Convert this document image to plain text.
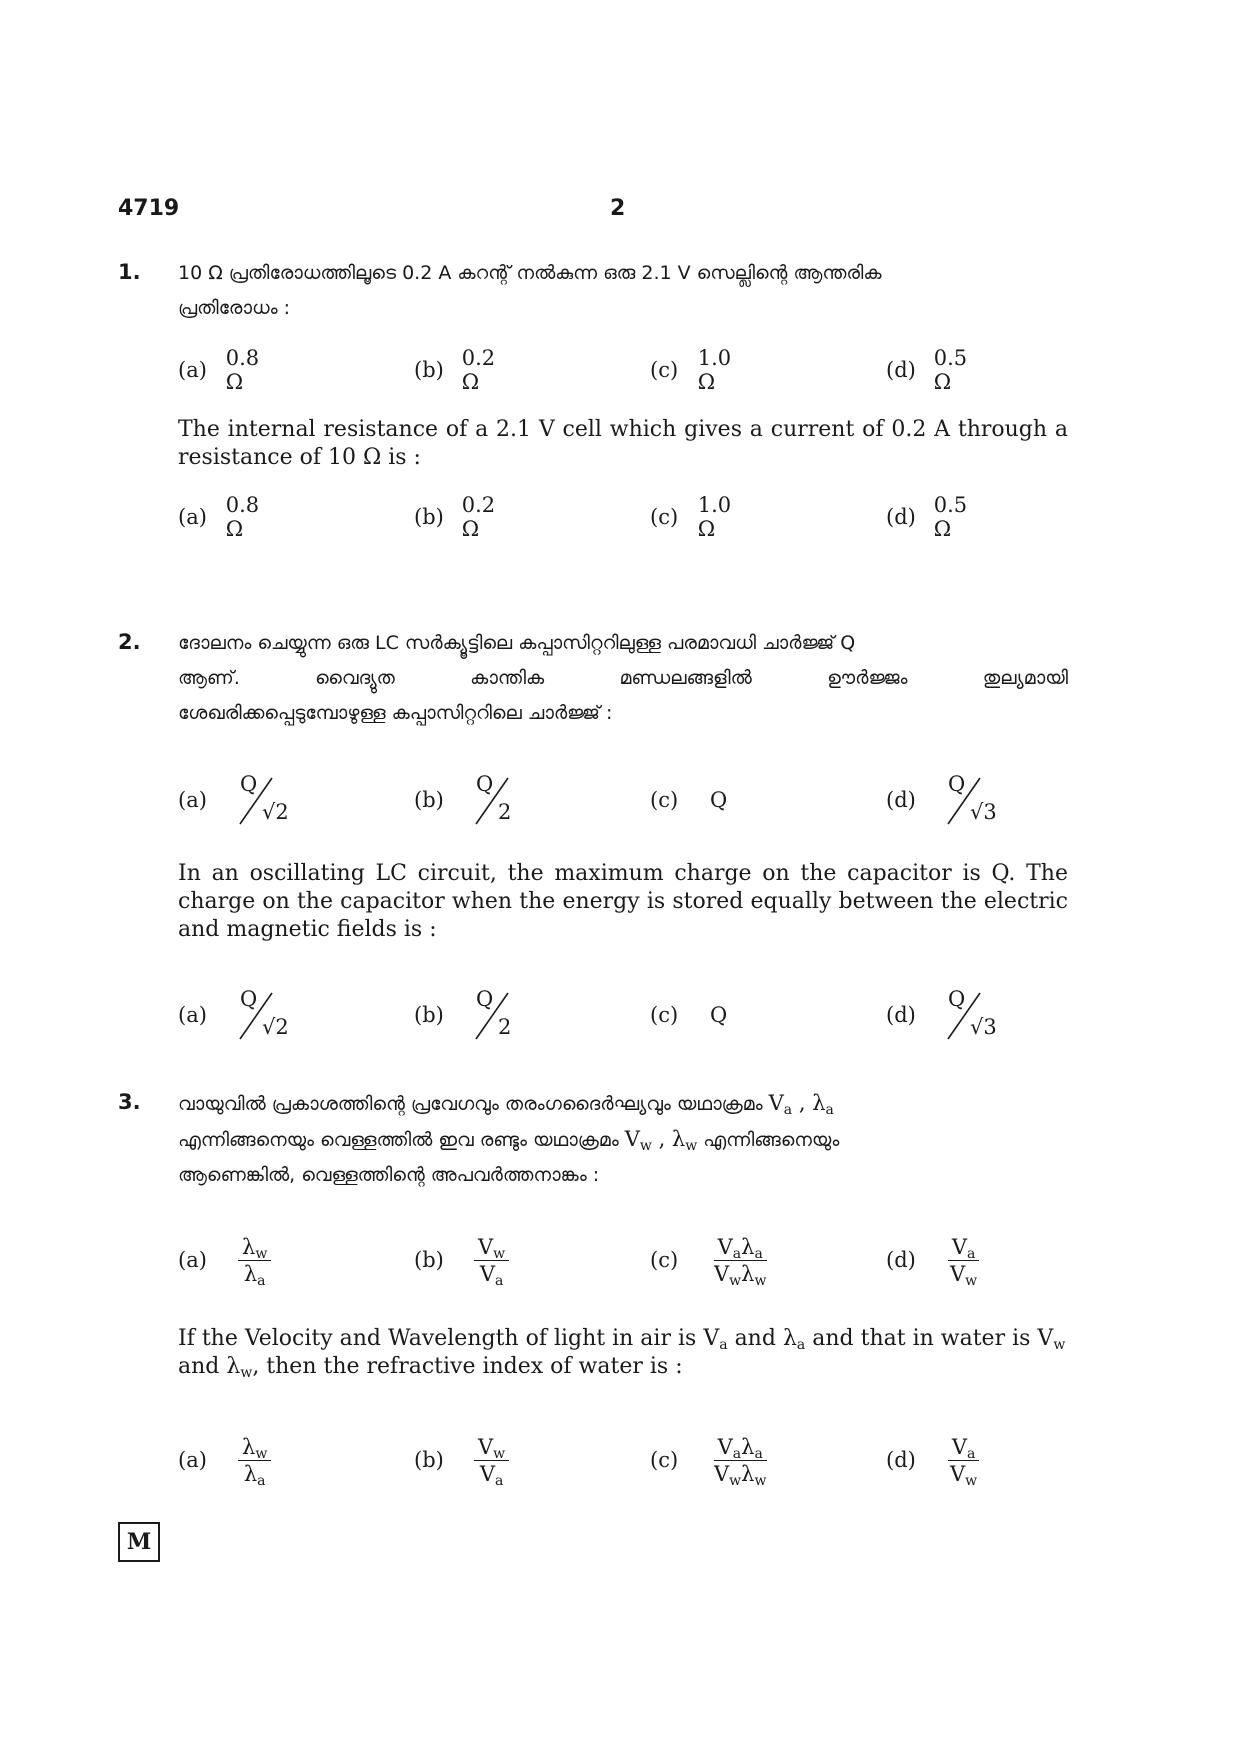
4719	2
1. 10 Ω പ്രതിരോധത്തിലൂടെ 0.2 A കറന്റ് നൽകുന്ന ഒരു 2.1 V സെല്ലിന്റെ ആന്തരിക
പ്രതിരോധം :
(a) 0.8 Ω	(b) 0.2 Ω	(c) 1.0 Ω	(d) 0.5 Ω
The internal resistance of a 2.1 V cell which gives a current of 0.2 A through a resistance of 10 Ω is :
(a) 0.8 Ω	(b) 0.2 Ω	(c) 1.0 Ω	(d) 0.5 Ω
2. ദോലനം ചെയ്യുന്ന ഒരു LC സർക്യൂട്ടിലെ കപ്പാസിറ്ററിലുള്ള പരമാവധി ചാർജ്ജ് Q
ആണ്. വൈദ്യുത കാന്തിക മണ്ഡലങ്ങളിൽ ഊർജ്ജം തുല്യമായി
ശേഖരിക്കപ്പെടുമ്പോഴുള്ള കപ്പാസിറ്ററിലെ ചാർജ്ജ് :
(a)
Q
√2	(b)
Q
2	(c)	Q	(d)
Q
√3
In an oscillating LC circuit, the maximum charge on the capacitor is Q. The charge on the capacitor when the energy is stored equally between the electric and magnetic fields is :
(a)
Q
√2	(b)
Q
2	(c)	Q	(d)
Q
√3
3. വായുവിൽ പ്രകാശത്തിന്റെ പ്രവേഗവും തരംഗദൈർഘ്യവും യഥാക്രമം $V_a$ , $\lambda_a$
എന്നിങ്ങനെയും വെള്ളത്തിൽ ഇവ രണ്ടും യഥാക്രമം $V_w$ , $\lambda_w$ എന്നിങ്ങനെയും
ആണെങ്കിൽ, വെള്ളത്തിന്റെ അപവർത്തനാങ്കം :
(a)	$\frac{\lambda_w}{\lambda_a}$	(b)	$\frac{V_w}{V_a}$	(c)	$\frac{V_a\lambda_a}{V_w\lambda_w}$	(d)	$\frac{V_a}{V_w}$
If the Velocity and Wavelength of light in air is $V_a$ and $\lambda_a$ and that in water is $V_w$
and $\lambda_w$, then the refractive index of water is :
(a)	$\frac{\lambda_w}{\lambda_a}$	(b)	$\frac{V_w}{V_a}$	(c)	$\frac{V_a\lambda_a}{V_w\lambda_w}$	(d)	$\frac{V_a}{V_w}$
M
